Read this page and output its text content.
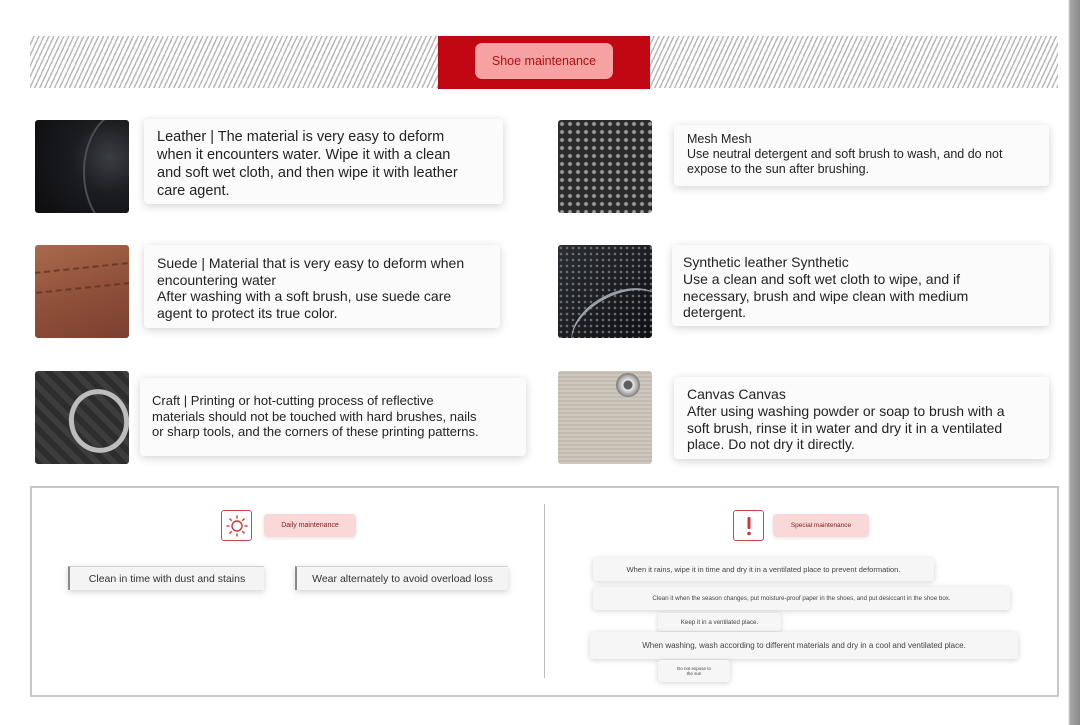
Shoe maintenance
Leather | The material is very easy to deform
when it encounters water. Wipe it with a clean
and soft wet cloth, and then wipe it with leather
care agent.
Mesh Mesh
Use neutral detergent and soft brush to wash, and do not
expose to the sun after brushing.
Suede | Material that is very easy to deform when
encountering water
After washing with a soft brush, use suede care
agent to protect its true color.
Synthetic leather Synthetic
Use a clean and soft wet cloth to wipe, and if
necessary, brush and wipe clean with medium
detergent.
Craft | Printing or hot-cutting process of reflective
materials should not be touched with hard brushes, nails
or sharp tools, and the corners of these printing patterns.
Canvas Canvas
After using washing powder or soap to brush with a
soft brush, rinse it in water and dry it in a ventilated
place. Do not dry it directly.
Daily maintenance
Clean in time with dust and stains	Wear alternately to avoid overload loss
Special maintenance
When it rains, wipe it in time and dry it in a ventilated place to prevent deformation.
Clean it when the season changes, put moisture-proof paper in the shoes, and put desiccant in the shoe box.
Keep it in a ventilated place.
When washing, wash according to different materials and dry in a cool and ventilated place.
Do not expose to
the sun
